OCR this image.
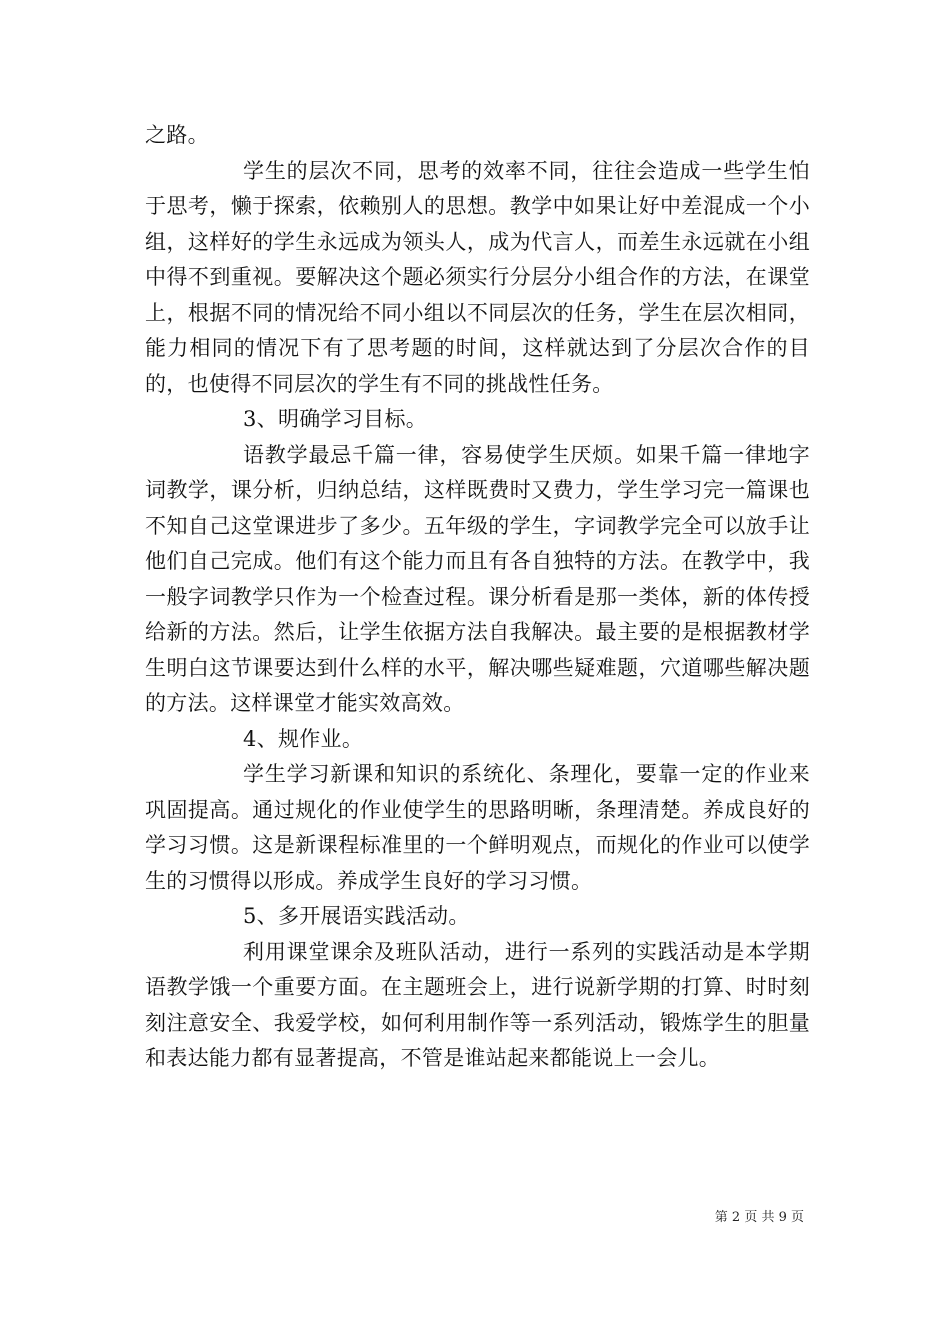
之路。

学生的层次不同，思考的效率不同，往往会造成一些学生怕于思考，懒于探索，依赖别人的思想。教学中如果让好中差混成一个小组，这样好的学生永远成为领头人，成为代言人，而差生永远就在小组中得不到重视。要解决这个题必须实行分层分小组合作的方法，在课堂上，根据不同的情况给不同小组以不同层次的任务，学生在层次相同，能力相同的情况下有了思考题的时间，这样就达到了分层次合作的目的，也使得不同层次的学生有不同的挑战性任务。

3、明确学习目标。

语教学最忌千篇一律，容易使学生厌烦。如果千篇一律地字词教学，课分析，归纳总结，这样既费时又费力，学生学习完一篇课也不知自己这堂课进步了多少。五年级的学生，字词教学完全可以放手让他们自己完成。他们有这个能力而且有各自独特的方法。在教学中，我一般字词教学只作为一个检查过程。课分析看是那一类体，新的体传授给新的方法。然后，让学生依据方法自我解决。最主要的是根据教材学生明白这节课要达到什么样的水平，解决哪些疑难题，穴道哪些解决题的方法。这样课堂才能实效高效。

4、规作业。

学生学习新课和知识的系统化、条理化，要靠一定的作业来巩固提高。通过规化的作业使学生的思路明晰，条理清楚。养成良好的学习习惯。这是新课程标准里的一个鲜明观点，而规化的作业可以使学生的习惯得以形成。养成学生良好的学习习惯。

5、多开展语实践活动。

利用课堂课余及班队活动，进行一系列的实践活动是本学期语教学饿一个重要方面。在主题班会上，进行说新学期的打算、时时刻刻注意安全、我爱学校，如何利用制作等一系列活动，锻炼学生的胆量和表达能力都有显著提高，不管是谁站起来都能说上一会儿。

第 2 页 共 9 页
